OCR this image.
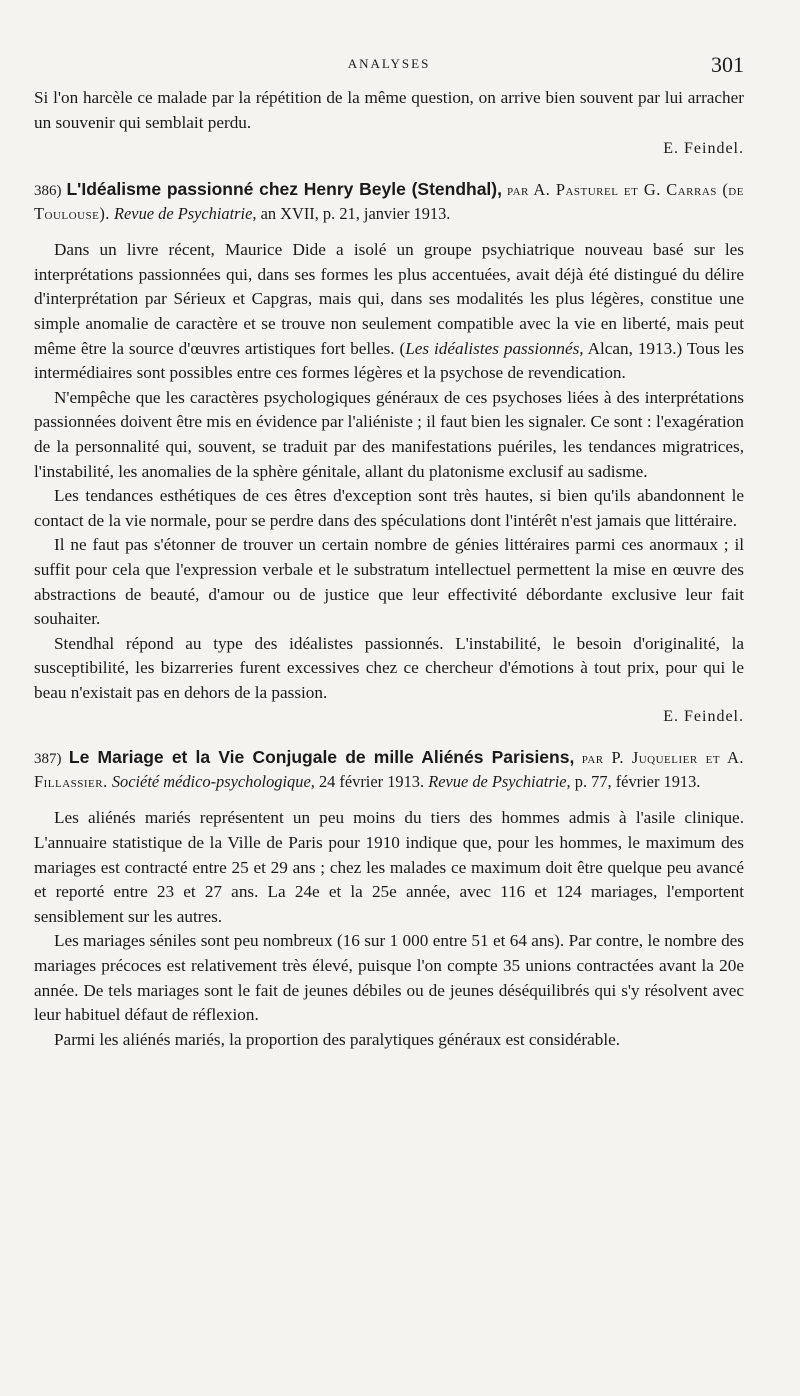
ANALYSES	301

Si l'on harcèle ce malade par la répétition de la même question, on arrive bien souvent par lui arracher un souvenir qui semblait perdu.

E. Feindel.

386) L'Idéalisme passionné chez Henry Beyle (Stendhal), par A. Pasturel et G. Carras (de Toulouse). Revue de Psychiatrie, an XVII, p. 21, janvier 1913.

Dans un livre récent, Maurice Dide a isolé un groupe psychiatrique nouveau basé sur les interprétations passionnées qui, dans ses formes les plus accentuées, avait déjà été distingué du délire d'interprétation par Sérieux et Capgras, mais qui, dans ses modalités les plus légères, constitue une simple anomalie de caractère et se trouve non seulement compatible avec la vie en liberté, mais peut même être la source d'œuvres artistiques fort belles. (Les idéalistes passionnés, Alcan, 1913.) Tous les intermédiaires sont possibles entre ces formes légères et la psychose de revendication.

N'empêche que les caractères psychologiques généraux de ces psychoses liées à des interprétations passionnées doivent être mis en évidence par l'aliéniste ; il faut bien les signaler. Ce sont : l'exagération de la personnalité qui, souvent, se traduit par des manifestations puériles, les tendances migratrices, l'instabilité, les anomalies de la sphère génitale, allant du platonisme exclusif au sadisme.

Les tendances esthétiques de ces êtres d'exception sont très hautes, si bien qu'ils abandonnent le contact de la vie normale, pour se perdre dans des spéculations dont l'intérêt n'est jamais que littéraire.

Il ne faut pas s'étonner de trouver un certain nombre de génies littéraires parmi ces anormaux ; il suffit pour cela que l'expression verbale et le substratum intellectuel permettent la mise en œuvre des abstractions de beauté, d'amour ou de justice que leur effectivité débordante exclusive leur fait souhaiter.

Stendhal répond au type des idéalistes passionnés. L'instabilité, le besoin d'originalité, la susceptibilité, les bizarreries furent excessives chez ce chercheur d'émotions à tout prix, pour qui le beau n'existait pas en dehors de la passion.

E. Feindel.

387) Le Mariage et la Vie Conjugale de mille Aliénés Parisiens, par P. Juquelier et A. Fillassier. Société médico-psychologique, 24 février 1913. Revue de Psychiatrie, p. 77, février 1913.

Les aliénés mariés représentent un peu moins du tiers des hommes admis à l'asile clinique. L'annuaire statistique de la Ville de Paris pour 1910 indique que, pour les hommes, le maximum des mariages est contracté entre 25 et 29 ans ; chez les malades ce maximum doit être quelque peu avancé et reporté entre 23 et 27 ans. La 24e et la 25e année, avec 116 et 124 mariages, l'emportent sensiblement sur les autres.

Les mariages séniles sont peu nombreux (16 sur 1 000 entre 51 et 64 ans). Par contre, le nombre des mariages précoces est relativement très élevé, puisque l'on compte 35 unions contractées avant la 20e année. De tels mariages sont le fait de jeunes débiles ou de jeunes déséquilibrés qui s'y résolvent avec leur habituel défaut de réflexion.

Parmi les aliénés mariés, la proportion des paralytiques généraux est considérable.
